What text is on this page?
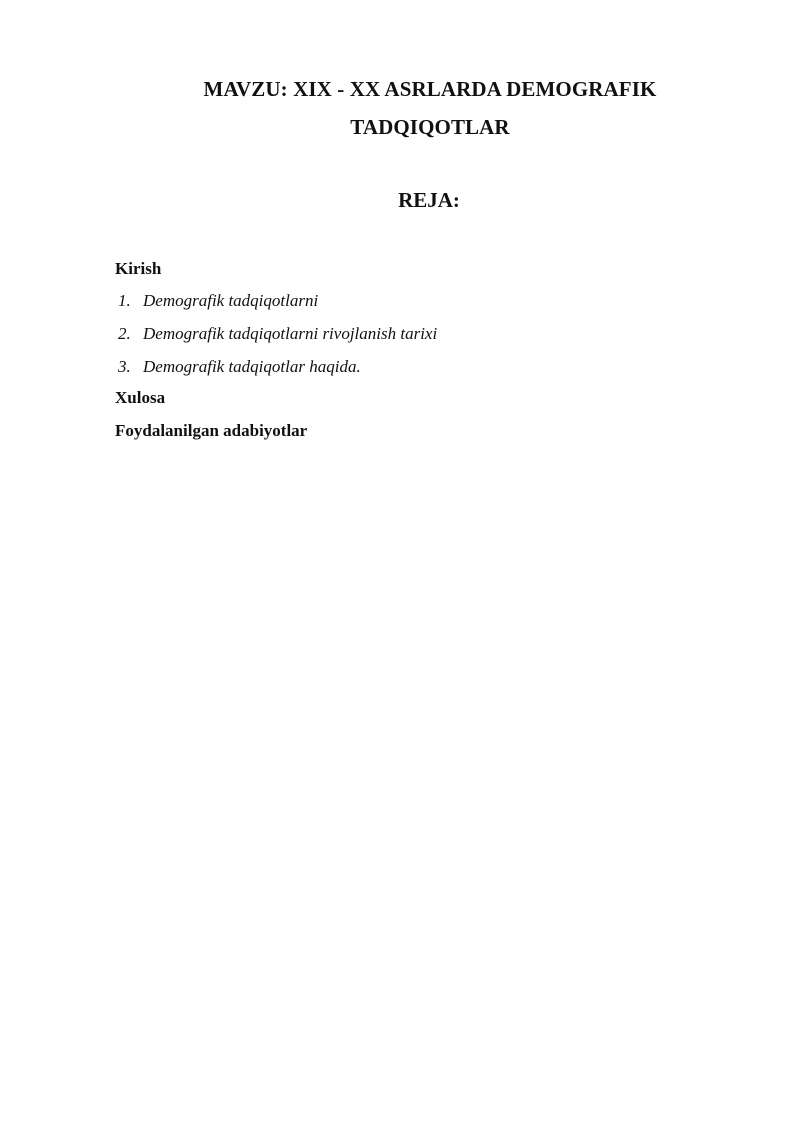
MAVZU: XIX - XX ASRLARDA DEMOGRAFIK
TADQIQOTLAR
REJA:
Kirish
1. Demografik tadqiqotlarni
2. Demografik tadqiqotlarni rivojlanish tarixi
3. Demografik tadqiqotlar haqida.
Xulosa
Foydalanilgan adabiyotlar
